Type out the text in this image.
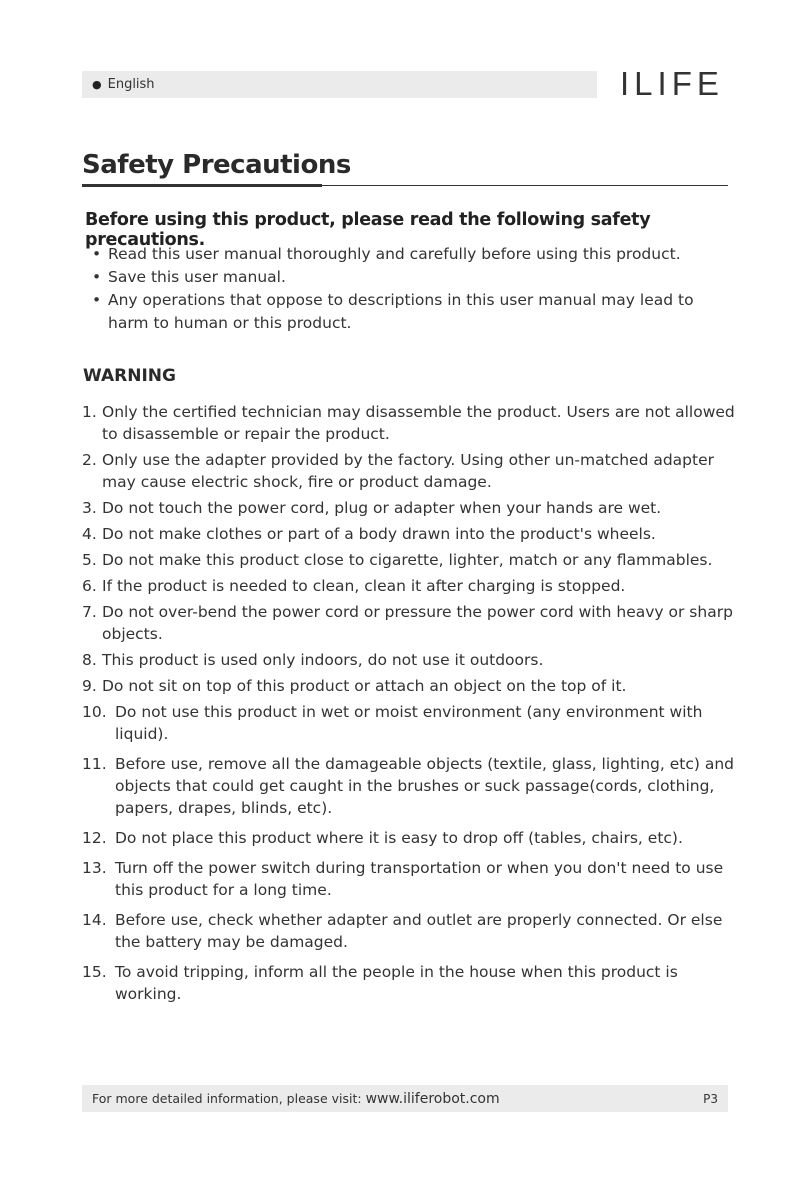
● English	ILIFE
Safety Precautions
Before using this product, please read the following safety precautions.
• Read this user manual thoroughly and carefully before using this product.
• Save this user manual.
• Any operations that oppose to descriptions in this user manual may lead to harm to human or this product.
WARNING
1. Only the certified technician may disassemble the product. Users are not allowed to disassemble or repair the product.
2. Only use the adapter provided by the factory. Using other un-matched adapter may cause electric shock, fire or product damage.
3. Do not touch the power cord, plug or adapter when your hands are wet.
4. Do not make clothes or part of a body drawn into the product's wheels.
5. Do not make this product close to cigarette, lighter, match or any flammables.
6. If the product is needed to clean, clean it after charging is stopped.
7. Do not over-bend the power cord or pressure the power cord with heavy or sharp objects.
8. This product is used only indoors, do not use it outdoors.
9. Do not sit on top of this product or attach an object on the top of it.
10. Do not use this product in wet or moist environment (any environment with liquid).
11. Before use, remove all the damageable objects (textile, glass, lighting, etc) and objects that could get caught in the brushes or suck passage(cords, clothing, papers, drapes, blinds, etc).
12. Do not place this product where it is easy to drop off (tables, chairs, etc).
13. Turn off the power switch during transportation or when you don't need to use this product for a long time.
14. Before use, check whether adapter and outlet are properly connected. Or else the battery may be damaged.
15. To avoid tripping, inform all the people in the house when this product is working.
For more detailed information, please visit: www.iliferobot.com	P3
